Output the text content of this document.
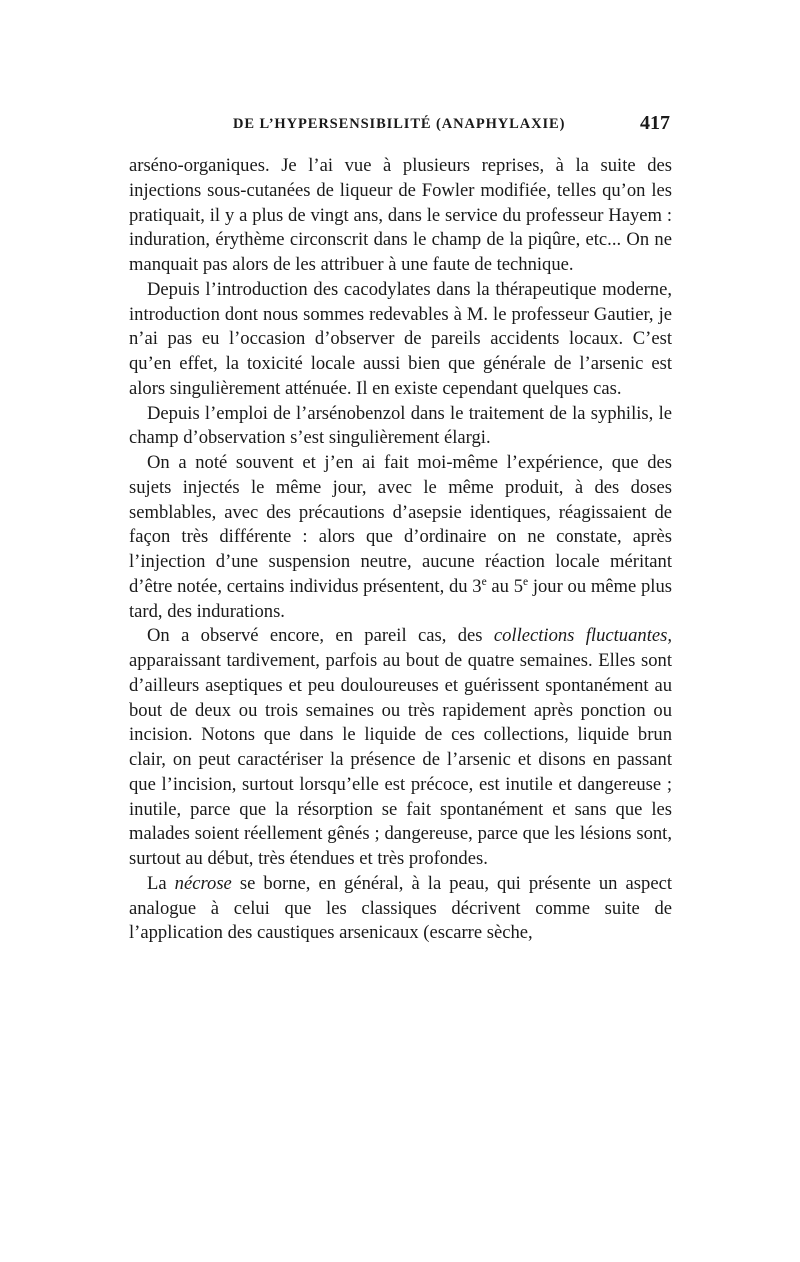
DE L’HYPERSENSIBILITÉ (ANAPHYLAXIE)	417

arséno-organiques. Je l’ai vue à plusieurs reprises, à la suite des injections sous-cutanées de liqueur de Fowler modifiée, telles qu’on les pratiquait, il y a plus de vingt ans, dans le service du professeur Hayem : induration, érythème circonscrit dans le champ de la piqûre, etc... On ne manquait pas alors de les attribuer à une faute de technique.

Depuis l’introduction des cacodylates dans la thérapeutique moderne, introduction dont nous sommes redevables à M. le professeur Gautier, je n’ai pas eu l’occasion d’observer de pareils accidents locaux. C’est qu’en effet, la toxicité locale aussi bien que générale de l’arsenic est alors singulièrement atténuée. Il en existe cependant quelques cas.

Depuis l’emploi de l’arsénobenzol dans le traitement de la syphilis, le champ d’observation s’est singulièrement élargi.

On a noté souvent et j’en ai fait moi-même l’expérience, que des sujets injectés le même jour, avec le même produit, à des doses semblables, avec des précautions d’asepsie identiques, réagissaient de façon très différente : alors que d’ordinaire on ne constate, après l’injection d’une suspension neutre, aucune réaction locale méritant d’être notée, certains individus présentent, du 3e au 5e jour ou même plus tard, des indurations.

On a observé encore, en pareil cas, des collections fluctuantes, apparaissant tardivement, parfois au bout de quatre semaines. Elles sont d’ailleurs aseptiques et peu douloureuses et guérissent spontanément au bout de deux ou trois semaines ou très rapidement après ponction ou incision. Notons que dans le liquide de ces collections, liquide brun clair, on peut caractériser la présence de l’arsenic et disons en passant que l’incision, surtout lorsqu’elle est précoce, est inutile et dangereuse ; inutile, parce que la résorption se fait spontanément et sans que les malades soient réellement gênés ; dangereuse, parce que les lésions sont, surtout au début, très étendues et très profondes.

La nécrose se borne, en général, à la peau, qui présente un aspect analogue à celui que les classiques décrivent comme suite de l’application des caustiques arsenicaux (escarre sèche,
